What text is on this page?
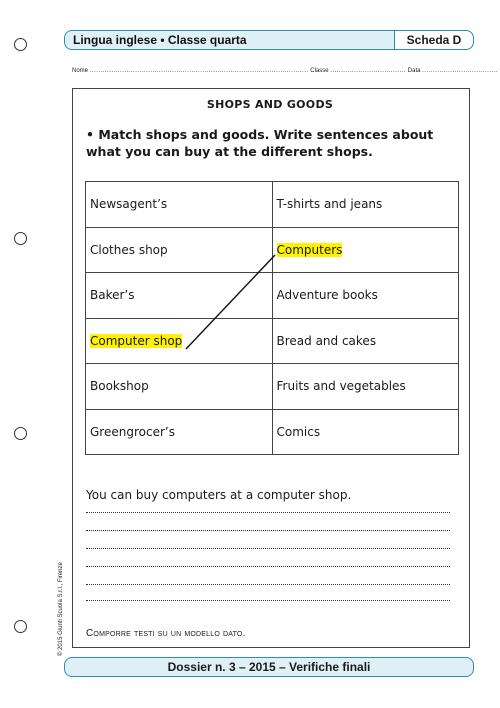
Lingua inglese • Classe quarta	Scheda D
Nome ..................................................................................................... Classe ................................... Data ...................................
SHOPS AND GOODS
• Match shops and goods. Write sentences about what you can buy at the different shops.
Newsagent’s	T-shirts and jeans
Clothes shop	Computers
Baker’s	Adventure books
Computer shop	Bread and cakes
Bookshop	Fruits and vegetables
Greengrocer’s	Comics
You can buy computers at a computer shop.
Comporre testi su un modello dato.
Dossier n. 3 – 2015 – Verifiche finali
© 2015 Giunti Scuola S.r.l., Firenze
